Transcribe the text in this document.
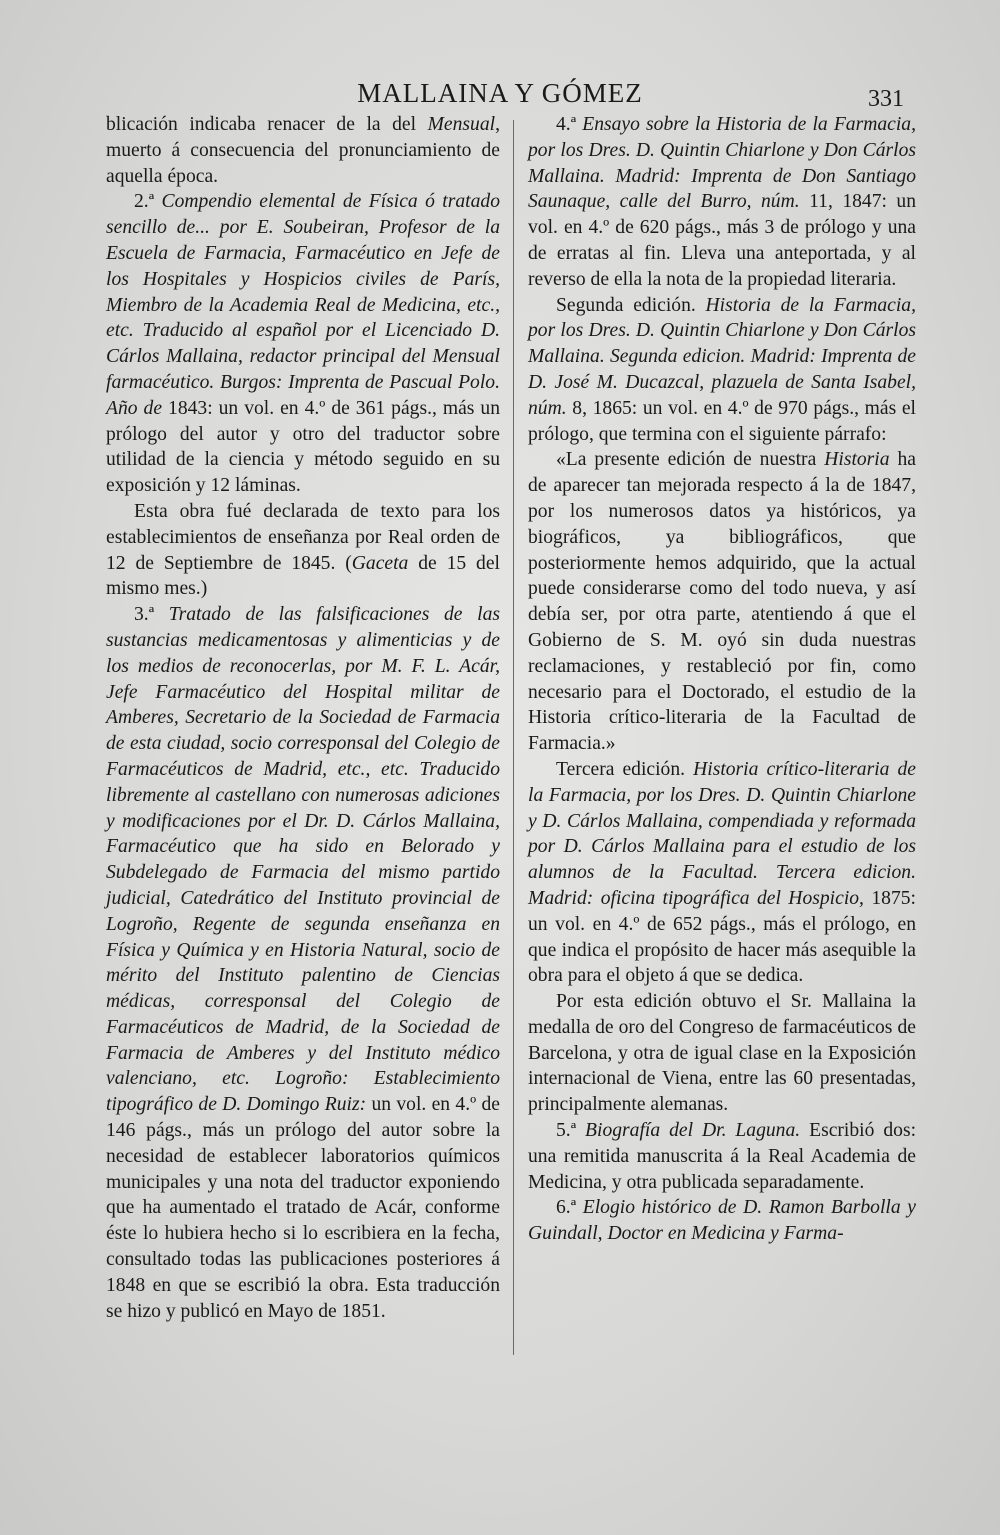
MALLAINA Y GÓMEZ	331

blicación indicaba renacer de la del Mensual, muerto á consecuencia del pronunciamiento de aquella época.

2.ª Compendio elemental de Física ó tratado sencillo de... por E. Soubeiran, Profesor de la Escuela de Farmacia, Farmacéutico en Jefe de los Hospitales y Hospicios civiles de París, Miembro de la Academia Real de Medicina, etc., etc. Traducido al español por el Licenciado D. Cárlos Mallaina, redactor principal del Mensual farmacéutico. Burgos: Imprenta de Pascual Polo. Año de 1843: un vol. en 4.º de 361 págs., más un prólogo del autor y otro del traductor sobre utilidad de la ciencia y método seguido en su exposición y 12 láminas.

Esta obra fué declarada de texto para los establecimientos de enseñanza por Real orden de 12 de Septiembre de 1845. (Gaceta de 15 del mismo mes.)

3.ª Tratado de las falsificaciones de las sustancias medicamentosas y alimenticias y de los medios de reconocerlas, por M. F. L. Acár, Jefe Farmacéutico del Hospital militar de Amberes, Secretario de la Sociedad de Farmacia de esta ciudad, socio corresponsal del Colegio de Farmacéuticos de Madrid, etc., etc. Traducido libremente al castellano con numerosas adiciones y modificaciones por el Dr. D. Cárlos Mallaina, Farmacéutico que ha sido en Belorado y Subdelegado de Farmacia del mismo partido judicial, Catedrático del Instituto provincial de Logroño, Regente de segunda enseñanza en Física y Química y en Historia Natural, socio de mérito del Instituto palentino de Ciencias médicas, corresponsal del Colegio de Farmacéuticos de Madrid, de la Sociedad de Farmacia de Amberes y del Instituto médico valenciano, etc. Logroño: Establecimiento tipográfico de D. Domingo Ruiz: un vol. en 4.º de 146 págs., más un prólogo del autor sobre la necesidad de establecer laboratorios químicos municipales y una nota del traductor exponiendo que ha aumentado el tratado de Acár, conforme éste lo hubiera hecho si lo escribiera en la fecha, consultado todas las publicaciones posteriores á 1848 en que se escribió la obra. Esta traducción se hizo y publicó en Mayo de 1851.

4.ª Ensayo sobre la Historia de la Farmacia, por los Dres. D. Quintin Chiarlone y Don Cárlos Mallaina. Madrid: Imprenta de Don Santiago Saunaque, calle del Burro, núm. 11, 1847: un vol. en 4.º de 620 págs., más 3 de prólogo y una de erratas al fin. Lleva una anteportada, y al reverso de ella la nota de la propiedad literaria.

Segunda edición. Historia de la Farmacia, por los Dres. D. Quintin Chiarlone y Don Cárlos Mallaina. Segunda edicion. Madrid: Imprenta de D. José M. Ducazcal, plazuela de Santa Isabel, núm. 8, 1865: un vol. en 4.º de 970 págs., más el prólogo, que termina con el siguiente párrafo:

«La presente edición de nuestra Historia ha de aparecer tan mejorada respecto á la de 1847, por los numerosos datos ya históricos, ya biográficos, ya bibliográficos, que posteriormente hemos adquirido, que la actual puede considerarse como del todo nueva, y así debía ser, por otra parte, atentiendo á que el Gobierno de S. M. oyó sin duda nuestras reclamaciones, y restableció por fin, como necesario para el Doctorado, el estudio de la Historia crítico-literaria de la Facultad de Farmacia.»

Tercera edición. Historia crítico-literaria de la Farmacia, por los Dres. D. Quintin Chiarlone y D. Cárlos Mallaina, compendiada y reformada por D. Cárlos Mallaina para el estudio de los alumnos de la Facultad. Tercera edicion. Madrid: oficina tipográfica del Hospicio, 1875: un vol. en 4.º de 652 págs., más el prólogo, en que indica el propósito de hacer más asequible la obra para el objeto á que se dedica.

Por esta edición obtuvo el Sr. Mallaina la medalla de oro del Congreso de farmacéuticos de Barcelona, y otra de igual clase en la Exposición internacional de Viena, entre las 60 presentadas, principalmente alemanas.

5.ª Biografía del Dr. Laguna. Escribió dos: una remitida manuscrita á la Real Academia de Medicina, y otra publicada separadamente.

6.ª Elogio histórico de D. Ramon Barbolla y Guindall, Doctor en Medicina y Farma-
